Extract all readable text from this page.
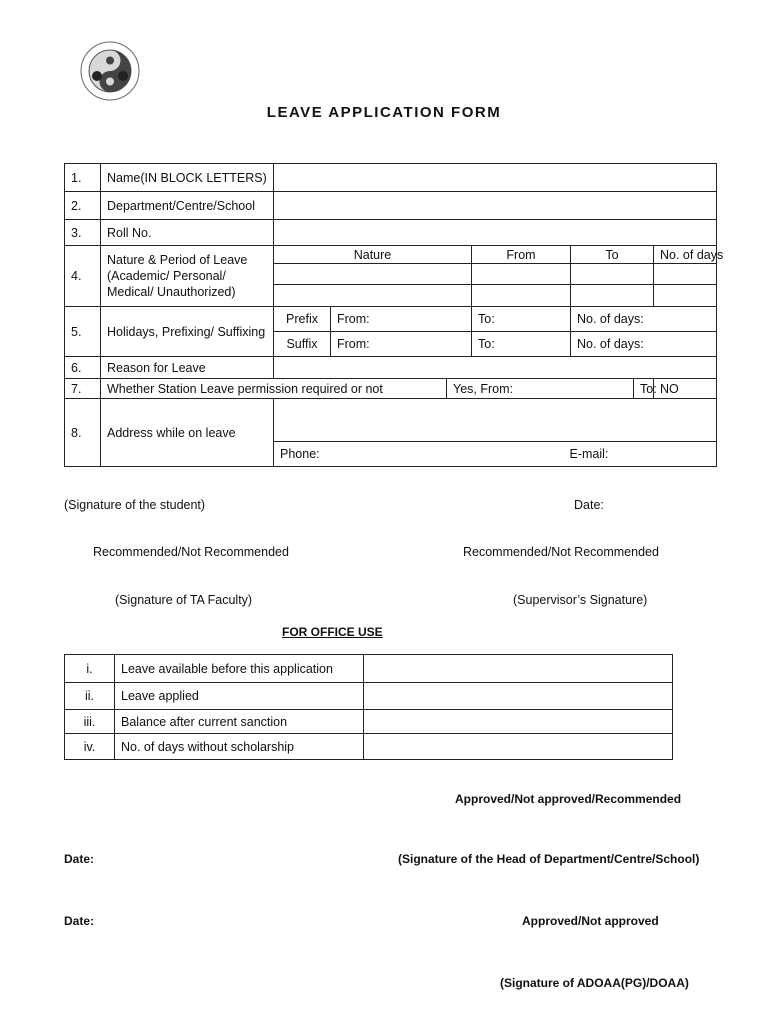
LEAVE APPLICATION FORM
1.	Name(IN BLOCK LETTERS)								
2.	Department/Centre/School								
3.	Roll No.								
4.	Nature & Period of Leave (Academic/ Personal/ Medical/ Unauthorized)	Nature			From		To		No. of days

5.	Holidays, Prefixing/ Suffixing	Prefix	From:		To:		No. of days:		
		Suffix	From:		To:		No. of days:		
6.	Reason for Leave								
7.	Whether Station Leave permission required or not			Yes, From:				To:	NO
8.	Address while on leave								
		Phone:				E-mail:			
(Signature of the student)	Date:
Recommended/Not Recommended	Recommended/Not Recommended
(Signature of TA Faculty)	(Supervisor’s Signature)
FOR OFFICE USE
i.	Leave available before this application	
ii.	Leave applied	
iii.	Balance after current sanction	
iv.	No. of days without scholarship	
Approved/Not approved/Recommended
Date:	(Signature of the Head of Department/Centre/School)
Date:	Approved/Not approved
(Signature of ADOAA(PG)/DOAA)
